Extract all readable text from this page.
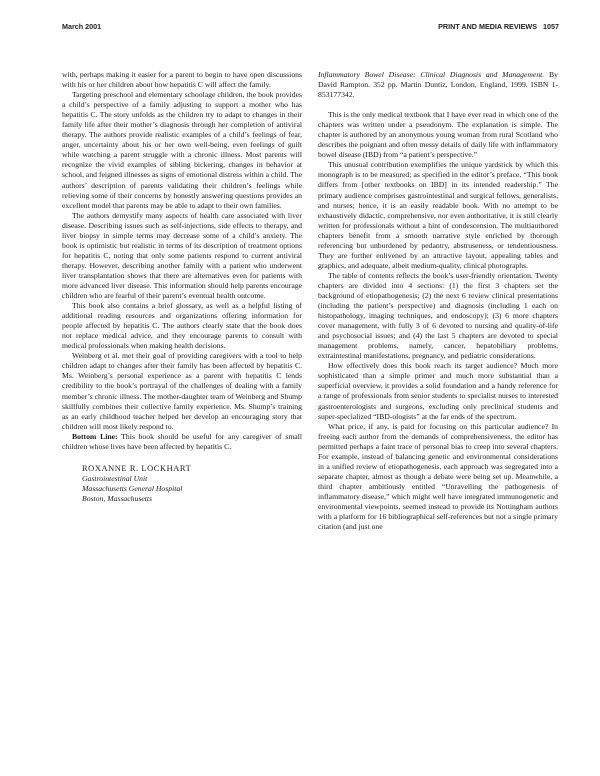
March 2001	PRINT AND MEDIA REVIEWS 1057

with, perhaps making it easier for a parent to begin to have open discussions with his or her children about how hepatitis C will affect the family.

Targeting preschool and elementary schoolage children, the book provides a child’s perspective of a family adjusting to support a mother who has hepatitis C. The story unfolds as the children try to adapt to changes in their family life after their mother’s diagnosis through her completion of antiviral therapy. The authors provide realistic examples of a child’s feelings of fear, anger, uncertainty about his or her own well-being, even feelings of guilt while watching a parent struggle with a chronic illness. Most parents will recognize the vivid examples of sibling bickering, changes in behavior at school, and feigned illnesses as signs of emotional distress within a child. The authors’ description of parents validating their children’s feelings while relieving some of their concerns by honestly answering questions provides an excellent model that parents may be able to adapt to their own families.

The authors demystify many aspects of health care associated with liver disease. Describing issues such as self-injections, side effects to therapy, and liver biopsy in simple terms may decrease some of a child’s anxiety. The book is optimistic but realistic in terms of its description of treatment options for hepatitis C, noting that only some patients respond to current antiviral therapy. However, describing another family with a patient who underwent liver transplantation shows that there are alternatives even for patients with more advanced liver disease. This information should help parents encourage children who are fearful of their parent’s eventual health outcome.

This book also contains a brief glossary, as well as a helpful listing of additional reading resources and organizations offering information for people affected by hepatitis C. The authors clearly state that the book does not replace medical advice, and they encourage parents to consult with medical professionals when making health decisions.

Weinberg et al. met their goal of providing caregivers with a tool to help children adapt to changes after their family has been affected by hepatitis C. Ms. Weinberg’s personal experience as a parent with hepatitis C lends credibility to the book’s portrayal of the challenges of dealing with a family member’s chronic illness. The mother-daughter team of Weinberg and Shump skillfully combines their collective family experience. Ms. Shump’s training as an early childhood teacher helped her develop an encouraging story that children will most likely respond to.

Bottom Line: This book should be useful for any caregiver of small children whose lives have been affected by hepatitis C.

ROXANNE R. LOCKHART
Gastrointestinal Unit
Massachusetts General Hospital
Boston, Massachusetts

Inflammatory Bowel Disease: Clinical Diagnosis and Management. By David Rampton. 352 pp. Martin Duntiz, London, England, 1999. ISBN 1-853177342.

This is the only medical textbook that I have ever read in which one of the chapters was written under a pseudonym. The explanation is simple. The chapter is authored by an anonymous young woman from rural Scotland who describes the poignant and often messy details of daily life with inflammatory bowel disease (IBD) from “a patient’s perspective.”

This unusual contribution exemplifies the unique yardstick by which this monograph is to be measured; as specified in the editor’s preface, “This book differs from [other textbooks on IBD] in its intended readership.” The primary audience comprises gastrointestinal and surgical fellows, generalists, and nurses; hence, it is an easily readable book. With no attempt to be exhaustively didactic, comprehensive, nor even authoritative, it is still clearly written for professionals without a hint of condescension. The multiauthored chapters benefit from a smooth narrative style enriched by thorough referencing but unburdened by pedantry, abstruseness, or tendentiousness. They are further enlivened by an attractive layout, appealing tables and graphics, and adequate, albeit medium-quality, clinical photographs.

The table of contents reflects the book’s user-friendly orientation. Twenty chapters are divided into 4 sections: (1) the first 3 chapters set the background of etiopathogenesis; (2) the next 6 review clinical presentations (including the patient’s perspective) and diagnosis (including 1 each on histopathology, imaging techniques, and endoscopy); (3) 6 more chapters cover management, with fully 3 of 6 devoted to nursing and quality-of-life and psychosocial issues; and (4) the last 5 chapters are devoted to special management problems, namely, cancer, hepatobiliary problems, extraintestinal manifestations, pregnancy, and pediatric considerations.

How effectively does this book reach its target audience? Much more sophisticated than a simple primer and much more substantial than a superficial overview, it provides a solid foundation and a handy reference for a range of professionals from senior students to specialist nurses to interested gastroenterologists and surgeons, excluding only preclinical students and super-specialized “IBD-ologists” at the far ends of the spectrum.

What price, if any, is paid for focusing on this particular audience? In freeing each author from the demands of comprehensiveness, the editor has permitted perhaps a faint trace of personal bias to creep into several chapters. For example, instead of balancing genetic and environmental considerations in a unified review of etiopathogenesis, each approach was segregated into a separate chapter, almost as though a debate were being set up. Meanwhile, a third chapter ambitiously entitled “Unravelling the pathogenesis of inflammatory disease,” which might well have integrated immunogenetic and environmental viewpoints, seemed instead to provide its Nottingham authors with a platform for 16 bibliographical self-references but not a single primary citation (and just one
